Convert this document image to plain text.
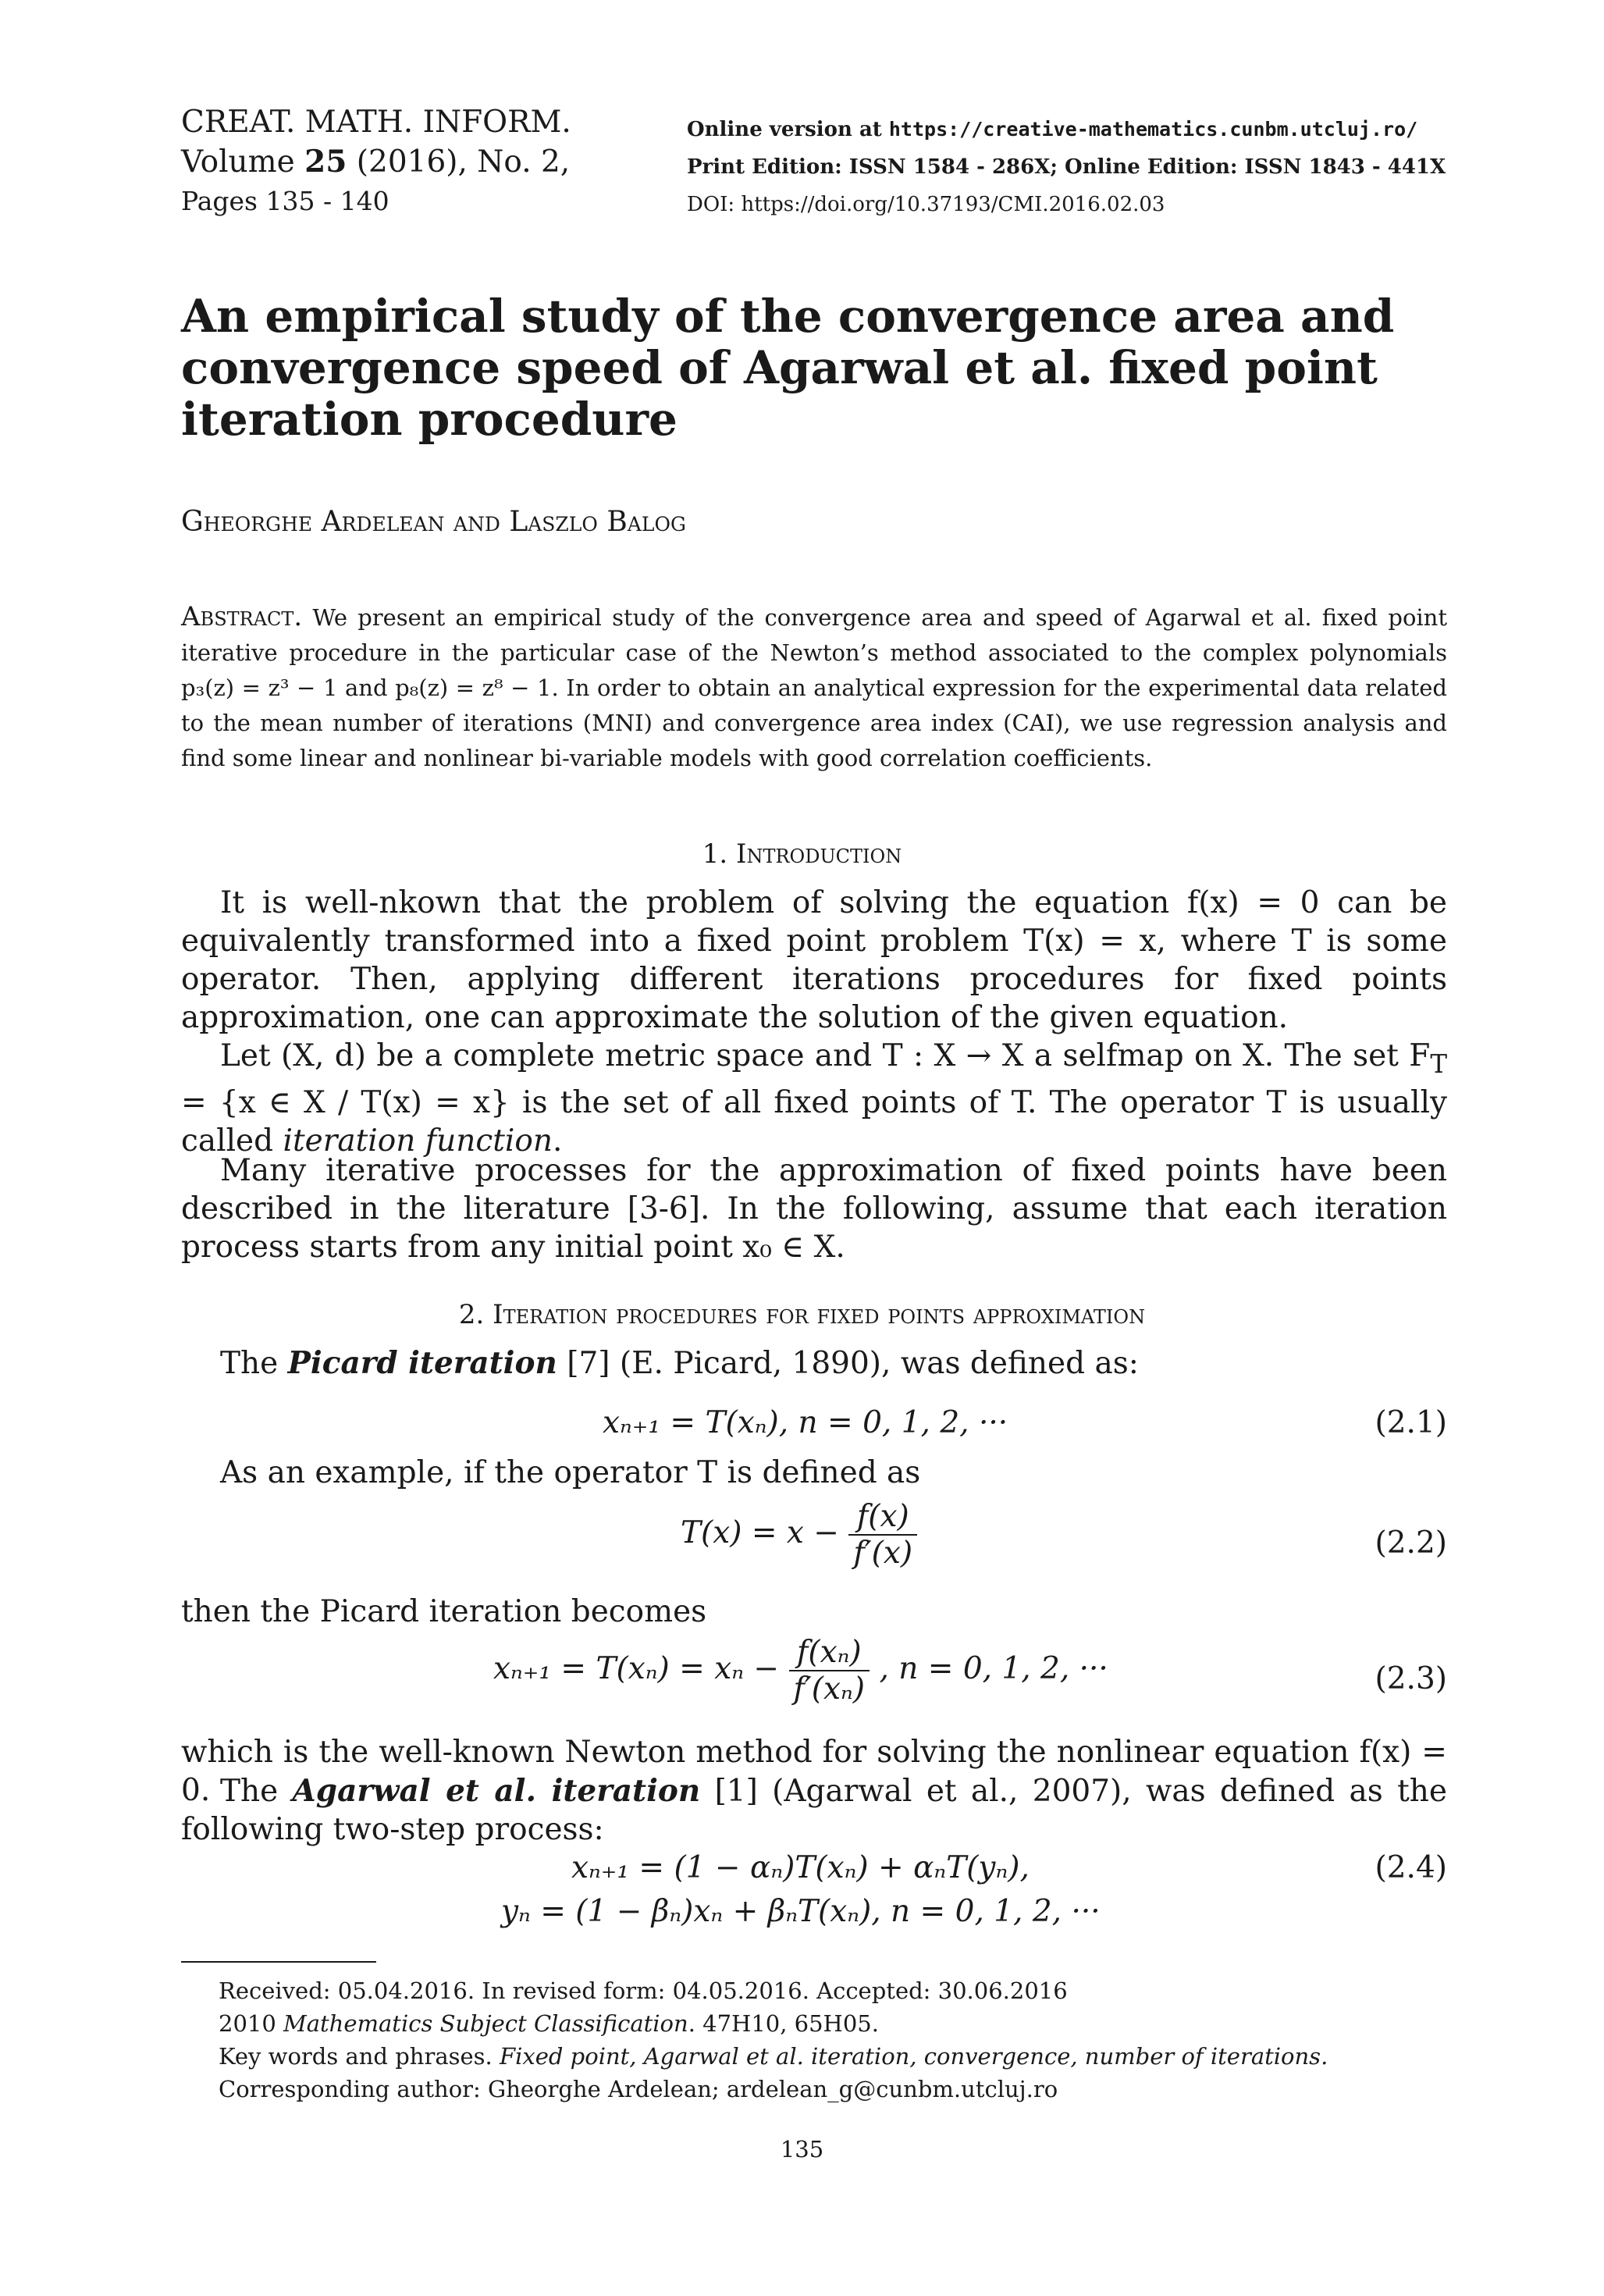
CREAT. MATH. INFORM.
Volume 25 (2016), No. 2,
Pages 135 - 140
Online version at https://creative-mathematics.cunbm.utcluj.ro/
Print Edition: ISSN 1584 - 286X; Online Edition: ISSN 1843 - 441X
DOI: https://doi.org/10.37193/CMI.2016.02.03
An empirical study of the convergence area and convergence speed of Agarwal et al. fixed point iteration procedure
Gheorghe Ardelean and Laszlo Balog
Abstract. We present an empirical study of the convergence area and speed of Agarwal et al. fixed point iterative procedure in the particular case of the Newton’s method associated to the complex polynomials p₃(z) = z³ − 1 and p₈(z) = z⁸ − 1. In order to obtain an analytical expression for the experimental data related to the mean number of iterations (MNI) and convergence area index (CAI), we use regression analysis and find some linear and nonlinear bi-variable models with good correlation coefficients.
1. Introduction
It is well-nkown that the problem of solving the equation f(x) = 0 can be equivalently transformed into a fixed point problem T(x) = x, where T is some operator. Then, applying different iterations procedures for fixed points approximation, one can approximate the solution of the given equation.
Let (X, d) be a complete metric space and T : X → X a selfmap on X. The set $F_T = \{x$ ∈ X / T(x) = x} is the set of all fixed points of T. The operator T is usually called iteration function.
Many iterative processes for the approximation of fixed points have been described in the literature [3-6]. In the following, assume that each iteration process starts from any initial point x₀ ∈ X.
2. Iteration procedures for fixed points approximation
The Picard iteration [7] (E. Picard, 1890), was defined as:
xₙ₊₁ = T(xₙ), n = 0, 1, 2, ···	(2.1)
As an example, if the operator T is defined as
$T(x) = x - \frac{f(x)}{f'(x)}$	(2.2)
then the Picard iteration becomes
$x_{n+1} = T(x_n) = x_n - \frac{\text{f(xₙ)}}{\text{f′(xₙ)}}$ , n = 0, 1, 2, ···	(2.3)
which is the well-known Newton method for solving the nonlinear equation f(x) = 0. The Agarwal et al. iteration [1] (Agarwal et al., 2007), was defined as the following two-step process:
xₙ₊₁ = (1 − αₙ)T(xₙ) + αₙT(yₙ),
yₙ = (1 − βₙ)xₙ + βₙT(xₙ), n = 0, 1, 2, ···
(2.4)
Received: 05.04.2016. In revised form: 04.05.2016. Accepted: 30.06.2016
2010 Mathematics Subject Classification. 47H10, 65H05.
Key words and phrases. Fixed point, Agarwal et al. iteration, convergence, number of iterations.
Corresponding author: Gheorghe Ardelean; ardelean_g@cunbm.utcluj.ro
135
